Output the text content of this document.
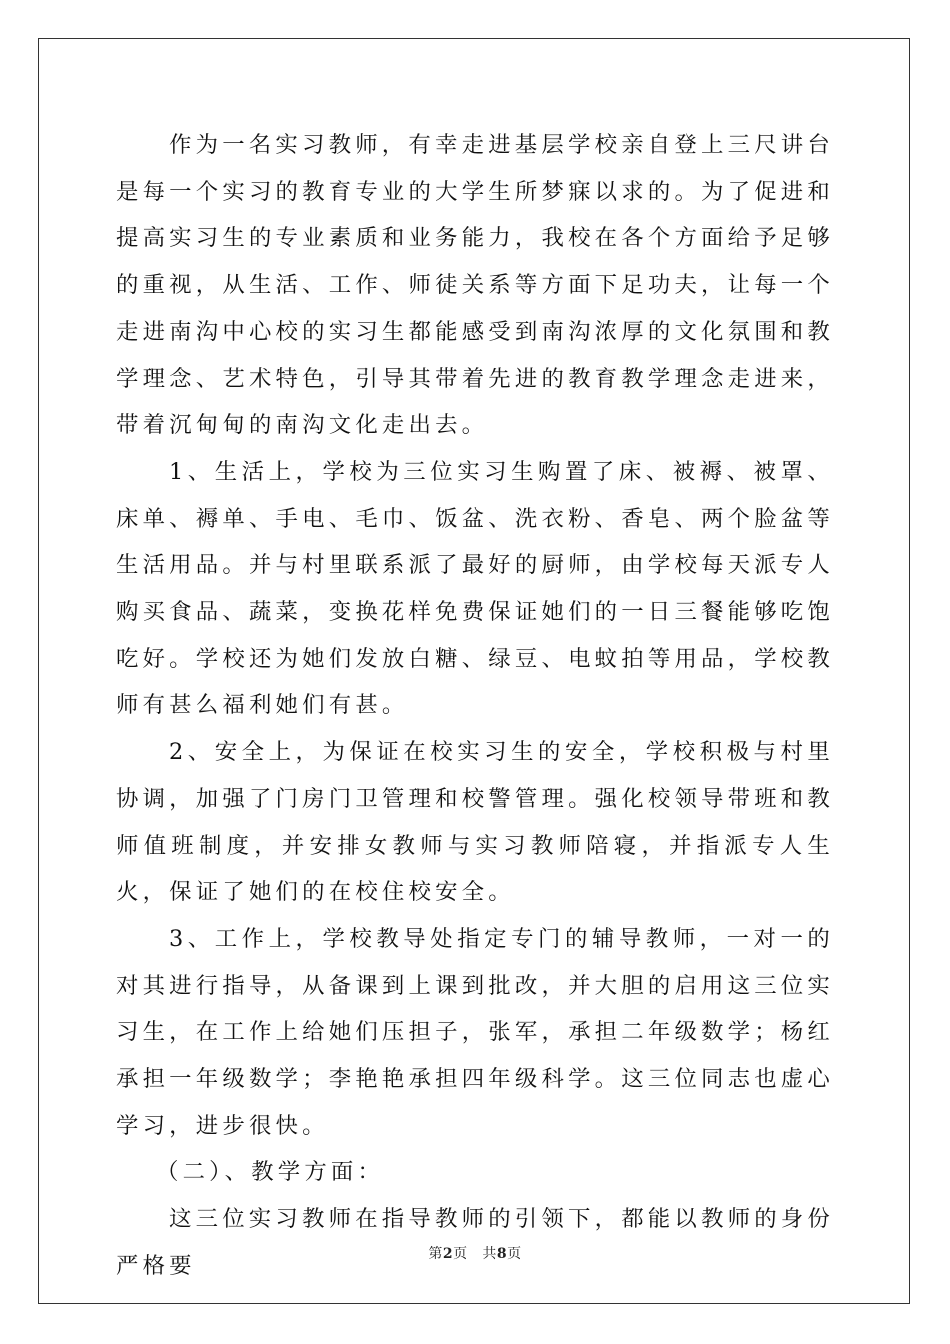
作为一名实习教师，有幸走进基层学校亲自登上三尺讲台是每一个实习的教育专业的大学生所梦寐以求的。为了促进和提高实习生的专业素质和业务能力，我校在各个方面给予足够的重视，从生活、工作、师徒关系等方面下足功夫，让每一个走进南沟中心校的实习生都能感受到南沟浓厚的文化氛围和教学理念、艺术特色，引导其带着先进的教育教学理念走进来，带着沉甸甸的南沟文化走出去。

1、生活上，学校为三位实习生购置了床、被褥、被罩、床单、褥单、手电、毛巾、饭盆、洗衣粉、香皂、两个脸盆等生活用品。并与村里联系派了最好的厨师，由学校每天派专人购买食品、蔬菜，变换花样免费保证她们的一日三餐能够吃饱吃好。学校还为她们发放白糖、绿豆、电蚊拍等用品，学校教师有甚么福利她们有甚。

2、安全上，为保证在校实习生的安全，学校积极与村里协调，加强了门房门卫管理和校警管理。强化校领导带班和教师值班制度，并安排女教师与实习教师陪寝，并指派专人生火，保证了她们的在校住校安全。

3、工作上，学校教导处指定专门的辅导教师，一对一的对其进行指导，从备课到上课到批改，并大胆的启用这三位实习生，在工作上给她们压担子，张军，承担二年级数学；杨红承担一年级数学；李艳艳承担四年级科学。这三位同志也虚心学习，进步很快。

（二）、教学方面：

这三位实习教师在指导教师的引领下，都能以教师的身份严格要	第2页 共8页
